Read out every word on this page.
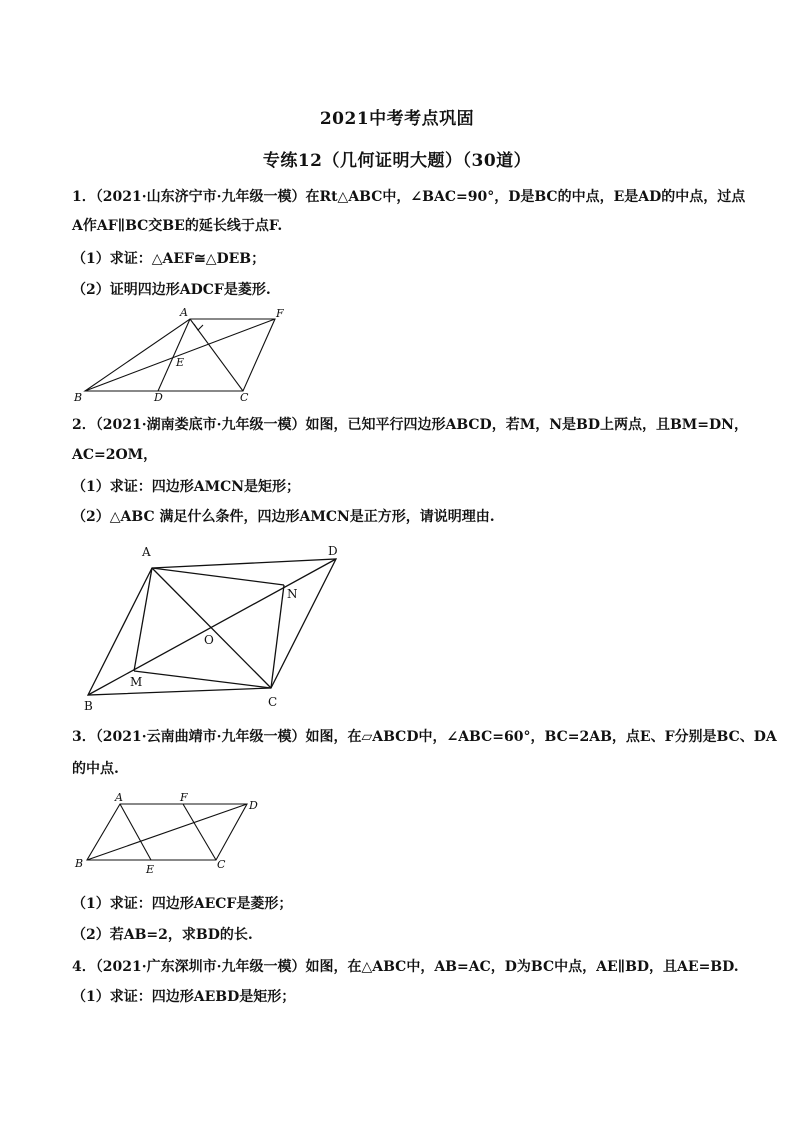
2021中考考点巩固
专练12（几何证明大题）（30道）
1．（2021·山东济宁市·九年级一模）在Rt△ABC中，∠BAC=90°，D是BC的中点，E是AD的中点，过点
A作AF∥BC交BE的延长线于点F.
（1）求证：△AEF≅△DEB；
（2）证明四边形ADCF是菱形.
A	F
E
B	D	C
2．（2021·湖南娄底市·九年级一模）如图，已知平行四边形ABCD，若M，N是BD上两点，且BM=DN，
AC=2OM，
（1）求证：四边形AMCN是矩形；
（2）△ABC 满足什么条件，四边形AMCN是正方形，请说明理由.
A	D
N
O
M
B	C
3．（2021·云南曲靖市·九年级一模）如图，在▱ABCD中，∠ABC=60°，BC=2AB，点E、F分别是BC、DA
的中点.
A	F
D
B	E	C
（1）求证：四边形AECF是菱形；
（2）若AB=2，求BD的长.
4．（2021·广东深圳市·九年级一模）如图，在△ABC中，AB=AC，D为BC中点，AE∥BD，且AE=BD.
（1）求证：四边形AEBD是矩形；
